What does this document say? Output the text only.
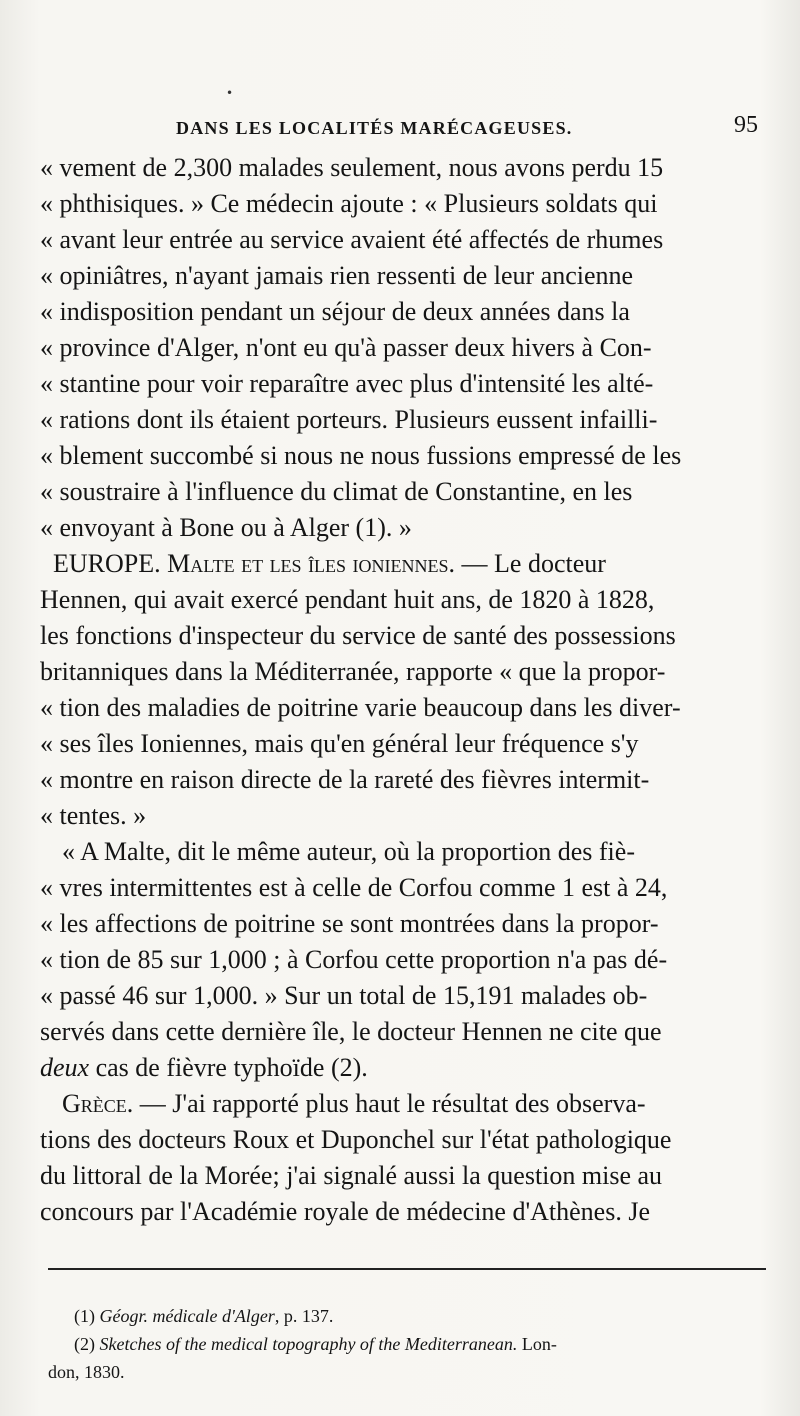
•
DANS LES LOCALITÉS MARÉCAGEUSES.	95
« vement de 2,300 malades seulement, nous avons perdu 15
« phthisiques. » Ce médecin ajoute : « Plusieurs soldats qui
« avant leur entrée au service avaient été affectés de rhumes
« opiniâtres, n'ayant jamais rien ressenti de leur ancienne
« indisposition pendant un séjour de deux années dans la
« province d'Alger, n'ont eu qu'à passer deux hivers à Con-
« stantine pour voir reparaître avec plus d'intensité les alté-
« rations dont ils étaient porteurs. Plusieurs eussent infailli-
« blement succombé si nous ne nous fussions empressé de les
« soustraire à l'influence du climat de Constantine, en les
« envoyant à Bone ou à Alger (1). »
EUROPE. Malte et les îles ioniennes. — Le docteur
Hennen, qui avait exercé pendant huit ans, de 1820 à 1828,
les fonctions d'inspecteur du service de santé des possessions
britanniques dans la Méditerranée, rapporte « que la propor-
« tion des maladies de poitrine varie beaucoup dans les diver-
« ses îles Ioniennes, mais qu'en général leur fréquence s'y
« montre en raison directe de la rareté des fièvres intermit-
« tentes. »
« A Malte, dit le même auteur, où la proportion des fiè-
« vres intermittentes est à celle de Corfou comme 1 est à 24,
« les affections de poitrine se sont montrées dans la propor-
« tion de 85 sur 1,000 ; à Corfou cette proportion n'a pas dé-
« passé 46 sur 1,000. » Sur un total de 15,191 malades ob-
servés dans cette dernière île, le docteur Hennen ne cite que
deux cas de fièvre typhoïde (2).
Grèce. — J'ai rapporté plus haut le résultat des observa-
tions des docteurs Roux et Duponchel sur l'état pathologique
du littoral de la Morée; j'ai signalé aussi la question mise au
concours par l'Académie royale de médecine d'Athènes. Je
(1) Géogr. médicale d'Alger, p. 137.
(2) Sketches of the medical topography of the Mediterranean. Lon-
don, 1830.
